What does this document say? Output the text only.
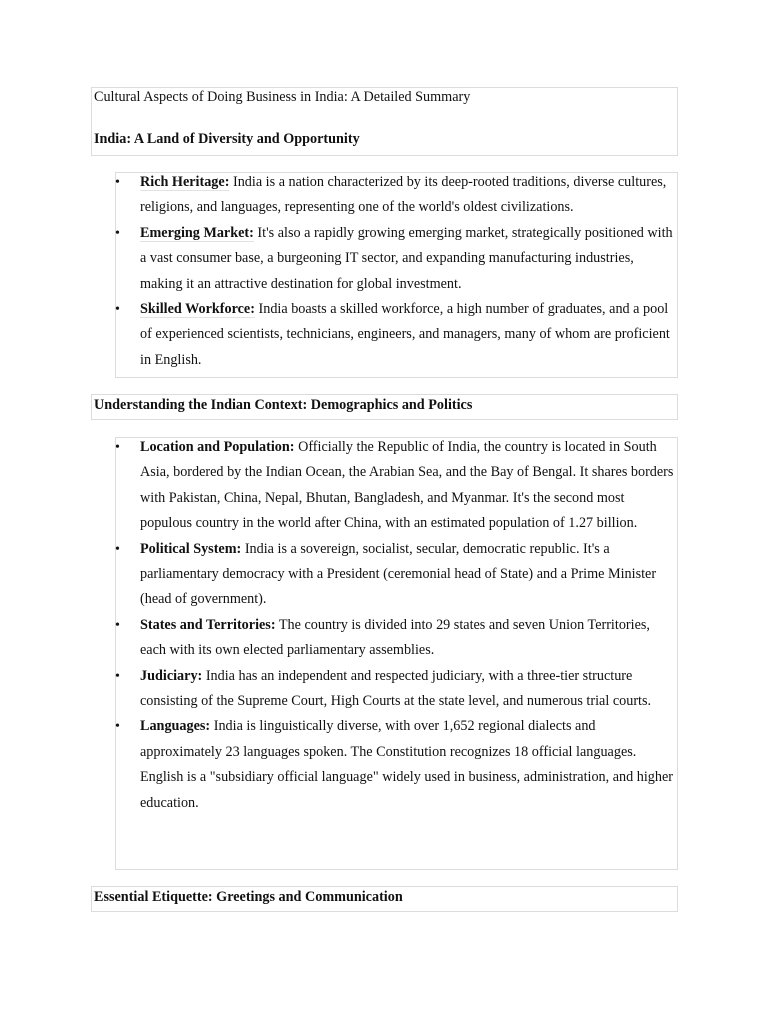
Cultural Aspects of Doing Business in India: A Detailed Summary
India: A Land of Diversity and Opportunity
•	Rich Heritage: India is a nation characterized by its deep-rooted traditions, diverse cultures, religions, and languages, representing one of the world's oldest civilizations.
•	Emerging Market: It's also a rapidly growing emerging market, strategically positioned with a vast consumer base, a burgeoning IT sector, and expanding manufacturing industries, making it an attractive destination for global investment.
•	Skilled Workforce: India boasts a skilled workforce, a high number of graduates, and a pool of experienced scientists, technicians, engineers, and managers, many of whom are proficient in English.
Understanding the Indian Context: Demographics and Politics
•	Location and Population: Officially the Republic of India, the country is located in South Asia, bordered by the Indian Ocean, the Arabian Sea, and the Bay of Bengal. It shares borders with Pakistan, China, Nepal, Bhutan, Bangladesh, and Myanmar. It's the second most populous country in the world after China, with an estimated population of 1.27 billion.
•	Political System: India is a sovereign, socialist, secular, democratic republic. It's a parliamentary democracy with a President (ceremonial head of State) and a Prime Minister (head of government).
•	States and Territories: The country is divided into 29 states and seven Union Territories, each with its own elected parliamentary assemblies.
•	Judiciary: India has an independent and respected judiciary, with a three-tier structure consisting of the Supreme Court, High Courts at the state level, and numerous trial courts.
•	Languages: India is linguistically diverse, with over 1,652 regional dialects and approximately 23 languages spoken. The Constitution recognizes 18 official languages. English is a "subsidiary official language" widely used in business, administration, and higher education.
Essential Etiquette: Greetings and Communication
